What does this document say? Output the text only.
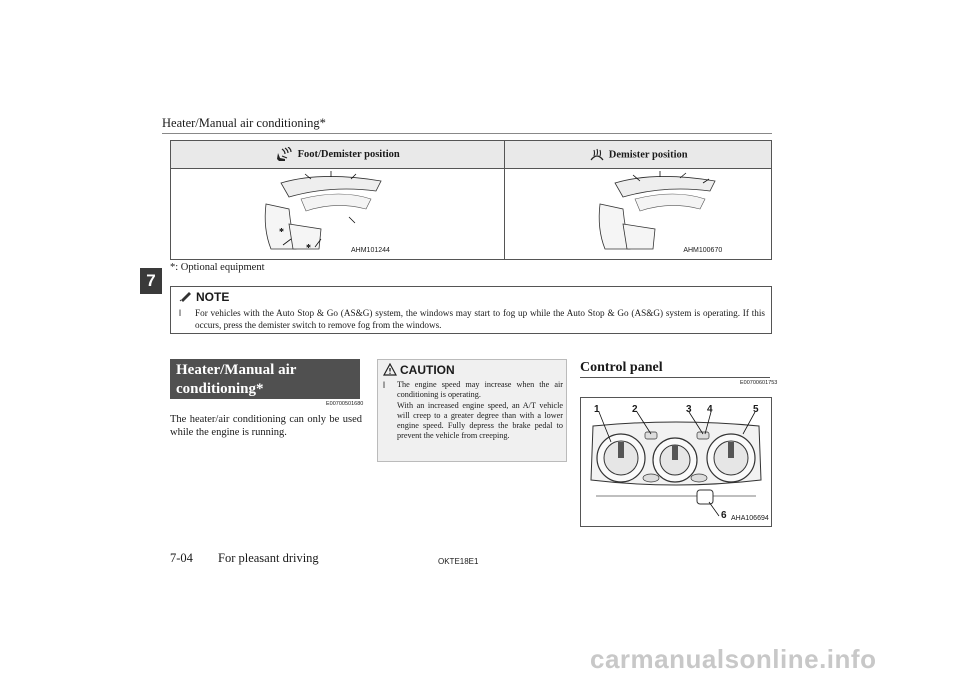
Heater/Manual air conditioning*
7
Foot/Demister position	Demister position

*
* AHM101244	AHM100670
*: Optional equipment
NOTE
l For vehicles with the Auto Stop & Go (AS&G) system, the windows may start to fog up while the Auto Stop & Go (AS&G) system is operating. If this occurs, press the demister switch to remove fog from the windows.
Heater/Manual air conditioning*
E00700501680
The heater/air conditioning can only be used while the engine is running.
CAUTION
l The engine speed may increase when the air conditioning is operating.
With an increased engine speed, an A/T vehicle will creep to a greater degree than with a lower engine speed. Fully depress the brake pedal to prevent the vehicle from creeping.
Control panel
E00700601753
1	2	3 4	5
6 AHA106694
7-04 For pleasant driving	OKTE18E1
carmanualsonline.info
